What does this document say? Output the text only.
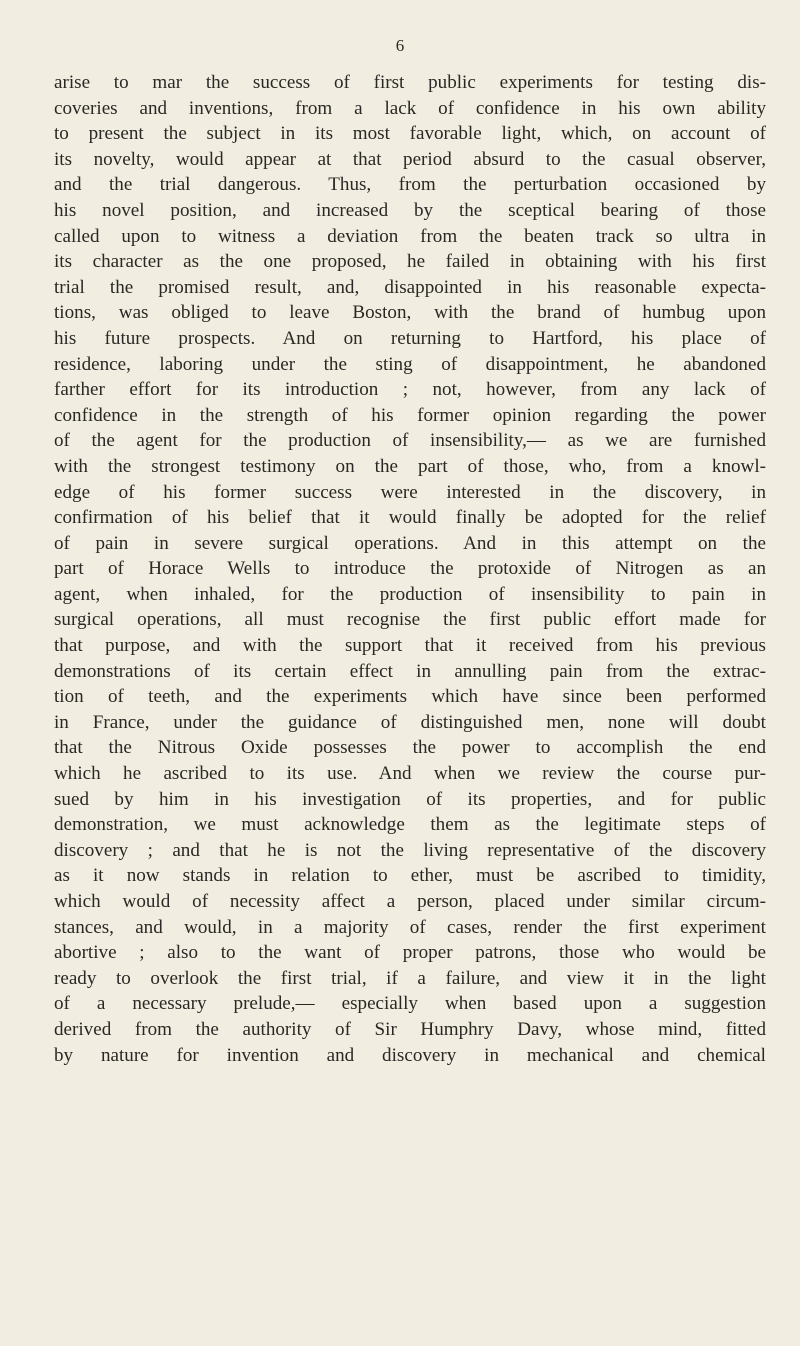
6
arise to mar the success of first public experiments for testing dis-
coveries and inventions, from a lack of confidence in his own ability
to present the subject in its most favorable light, which, on account of
its novelty, would appear at that period absurd to the casual observer,
and the trial dangerous. Thus, from the perturbation occasioned by
his novel position, and increased by the sceptical bearing of those
called upon to witness a deviation from the beaten track so ultra in
its character as the one proposed, he failed in obtaining with his first
trial the promised result, and, disappointed in his reasonable expecta-
tions, was obliged to leave Boston, with the brand of humbug upon
his future prospects. And on returning to Hartford, his place of
residence, laboring under the sting of disappointment, he abandoned
farther effort for its introduction ; not, however, from any lack of
confidence in the strength of his former opinion regarding the power
of the agent for the production of insensibility,— as we are furnished
with the strongest testimony on the part of those, who, from a knowl-
edge of his former success were interested in the discovery, in
confirmation of his belief that it would finally be adopted for the relief
of pain in severe surgical operations. And in this attempt on the
part of Horace Wells to introduce the protoxide of Nitrogen as an
agent, when inhaled, for the production of insensibility to pain in
surgical operations, all must recognise the first public effort made for
that purpose, and with the support that it received from his previous
demonstrations of its certain effect in annulling pain from the extrac-
tion of teeth, and the experiments which have since been performed
in France, under the guidance of distinguished men, none will doubt
that the Nitrous Oxide possesses the power to accomplish the end
which he ascribed to its use. And when we review the course pur-
sued by him in his investigation of its properties, and for public
demonstration, we must acknowledge them as the legitimate steps of
discovery ; and that he is not the living representative of the discovery
as it now stands in relation to ether, must be ascribed to timidity,
which would of necessity affect a person, placed under similar circum-
stances, and would, in a majority of cases, render the first experiment
abortive ; also to the want of proper patrons, those who would be
ready to overlook the first trial, if a failure, and view it in the light
of a necessary prelude,— especially when based upon a suggestion
derived from the authority of Sir Humphry Davy, whose mind, fitted
by nature for invention and discovery in mechanical and chemical
